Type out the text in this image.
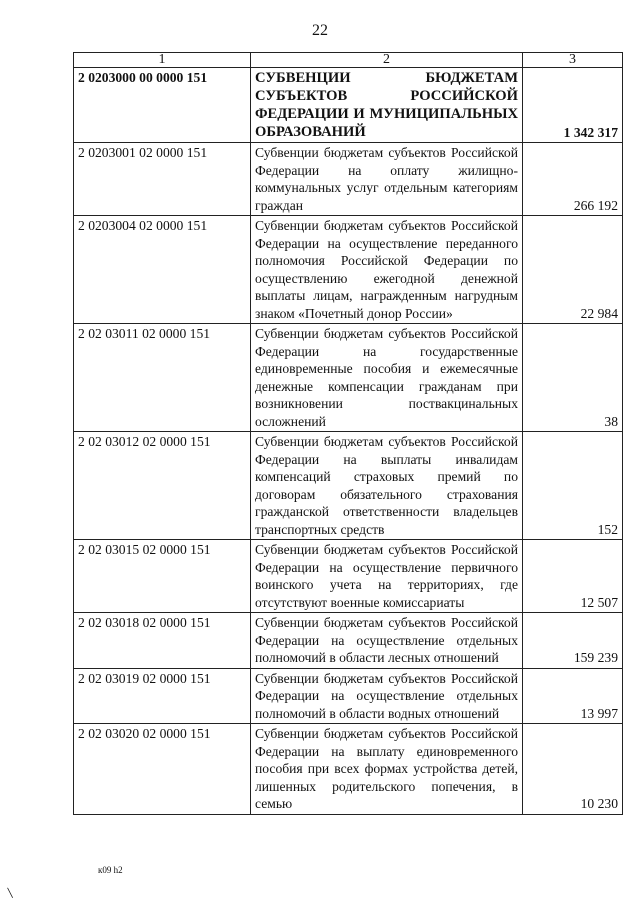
22
1	2	3
2 0203000 00 0000 151	СУБВЕНЦИИ БЮДЖЕТАМ СУБЪЕКТОВ РОССИЙСКОЙ ФЕДЕРАЦИИ И МУНИЦИПАЛЬНЫХ ОБРАЗОВАНИЙ	1 342 317
2 0203001 02 0000 151	Субвенции бюджетам субъектов Российской Федерации на оплату жилищно-коммунальных услуг отдельным категориям граждан	266 192
2 0203004 02 0000 151	Субвенции бюджетам субъектов Российской Федерации на осуществление переданного полномочия Российской Федерации по осуществлению ежегодной денежной выплаты лицам, награжденным нагрудным знаком «Почетный донор России»	22 984
2 02 03011 02 0000 151	Субвенции бюджетам субъектов Российской Федерации на государственные единовременные пособия и ежемесячные денежные компенсации гражданам при возникновении поствакцинальных осложнений	38
2 02 03012 02 0000 151	Субвенции бюджетам субъектов Российской Федерации на выплаты инвалидам компенсаций страховых премий по договорам обязательного страхования гражданской ответственности владельцев транспортных средств	152
2 02 03015 02 0000 151	Субвенции бюджетам субъектов Российской Федерации на осуществление первичного воинского учета на территориях, где отсутствуют военные комиссариаты	12 507
2 02 03018 02 0000 151	Субвенции бюджетам субъектов Российской Федерации на осуществление отдельных полномочий в области лесных отношений	159 239
2 02 03019 02 0000 151	Субвенции бюджетам субъектов Российской Федерации на осуществление отдельных полномочий в области водных отношений	13 997
2 02 03020 02 0000 151	Субвенции бюджетам субъектов Российской Федерации на выплату единовременного пособия при всех формах устройства детей, лишенных родительского попечения, в семью	10 230
к09 h2
\
